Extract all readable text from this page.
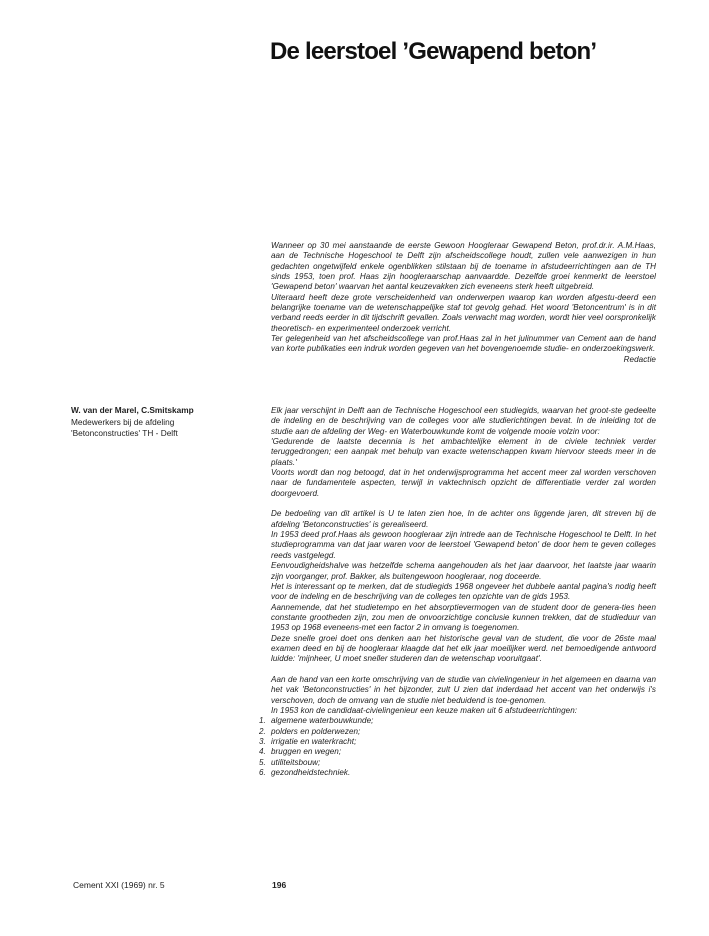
De leerstoel ’Gewapend beton’

Wanneer op 30 mei aanstaande de eerste Gewoon Hoogleraar Gewapend Beton, prof.dr.ir. A.M.Haas, aan de Technische Hogeschool te Delft zijn afscheidscollege houdt, zullen vele aanwezigen in hun gedachten ongetwijfeld enkele ogenblikken stilstaan bij de toename in afstudeerrichtingen aan de TH sinds 1953, toen prof. Haas zijn hoogleraarschap aanvaardde. Dezelfde groei kenmerkt de leerstoel 'Gewapend beton' waarvan het aantal keuzevakken zich eveneens sterk heeft uitgebreid.

Uiteraard heeft deze grote verscheidenheid van onderwerpen waarop kan worden afgestu-deerd een belangrijke toename van de wetenschappelijke staf tot gevolg gehad. Het woord 'Betoncentrum' is in dit verband reeds eerder in dit tijdschrift gevallen. Zoals verwacht mag worden, wordt hier veel oorspronkelijk theoretisch- en experimenteel onderzoek verricht.

Ter gelegenheid van het afscheidscollege van prof.Haas zal in het julinummer van Cement aan de hand van korte publikaties een indruk worden gegeven van het bovengenoemde studie- en onderzoekingswerk.

Redactie

W. van der Marel, C.Smitskamp
Medewerkers bij de afdeling
'Betonconstructies' TH - Delft

Elk jaar verschijnt in Delft aan de Technische Hogeschool een studiegids, waarvan het groot-ste gedeelte de indeling en de beschrijving van de colleges voor alle studierichtingen bevat. In de inleiding tot de studie aan de afdeling der Weg- en Waterbouwkunde komt de volgende mooie volzin voor:

'Gedurende de laatste decennia is het ambachtelijke element in de civiele techniek verder teruggedrongen; een aanpak met behulp van exacte wetenschappen kwam hiervoor steeds meer in de plaats.'

Voorts wordt dan nog betoogd, dat in het onderwijsprogramma het accent meer zal worden verschoven naar de fundamentele aspecten, terwijl in vaktechnisch opzicht de differentiatie verder zal worden doorgevoerd.

De bedoeling van dit artikel is U te laten zien hoe, In de achter ons liggende jaren, dit streven bij de afdeling 'Betonconstructies' is gerealiseerd.

In 1953 deed prof.Haas als gewoon hoogleraar zijn intrede aan de Technische Hogeschool te Delft. In het studieprogramma van dat jaar waren voor de leerstoel 'Gewapend beton' de door hem te geven colleges reeds vastgelegd.

Eenvoudigheidshalve was hetzelfde schema aangehouden als het jaar daarvoor, het laatste jaar waarin zijn voorganger, prof. Bakker, als buitengewoon hoogleraar, nog doceerde.

Het is interessant op te merken, dat de studiegids 1968 ongeveer het dubbele aantal pagina's nodig heeft voor de indeling en de beschrijving van de colleges ten opzichte van de gids 1953.

Aannemende, dat het studietempo en het absorptievermogen van de student door de genera-ties heen constante grootheden zijn, zou men de onvoorzichtige conclusie kunnen trekken, dat de studieduur van 1953 op 1968 eveneens-met een factor 2 in omvang is toegenomen.

Deze snelle groei doet ons denken aan het historische geval van de student, die voor de 26ste maal examen deed en bij de hoogleraar klaagde dat het elk jaar moeilijker werd. net bemoedigende antwoord luidde: 'mijnheer, U moet sneller studeren dan de wetenschap vooruitgaat'.

Aan de hand van een korte omschrijving van de studie van civielingenieur in het algemeen en daarna van het vak 'Betonconstructies' in het bijzonder, zult U zien dat inderdaad het accent van het onderwijs i's verschoven, doch de omvang van de studie niet beduidend is toe-genomen.

In 1953 kon de candidaat-civielingenieur een keuze maken uit 6 afstudeerrichtingen:

1. algemene waterbouwkunde;
2. polders en polderwezen;
3. irrigatie en waterkracht;
4. bruggen en wegen;
5. utiliteitsbouw;
6. gezondheidstechniek.
Cement XXI (1969) nr. 5	196
